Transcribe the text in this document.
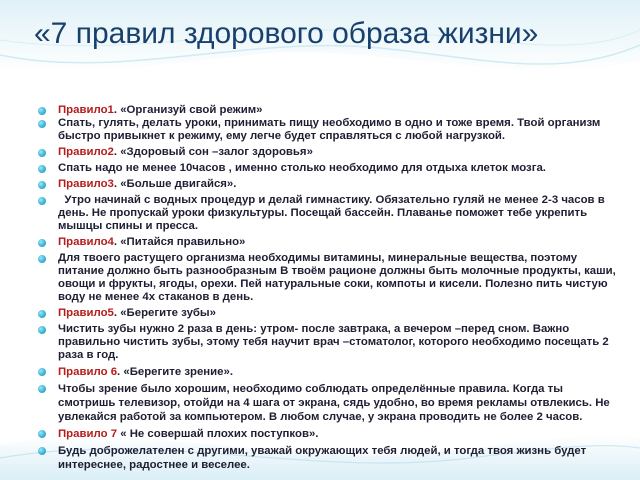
«7 правил здорового образа жизни»
Правило1. «Организуй свой режим»
Спать, гулять, делать уроки, принимать пищу необходимо в одно и тоже время. Твой организм быстро привыкнет к режиму, ему легче будет справляться с любой нагрузкой.
Правило2. «Здоровый сон –залог здоровья»
Спать надо не менее 10часов , именно столько необходимо для отдыха клеток мозга.
Правило3. «Больше двигайся».
Утро начинай с водных процедур и делай гимнастику. Обязательно гуляй не менее 2-3 часов в день. Не пропускай уроки физкультуры. Посещай бассейн. Плаванье поможет тебе укрепить мышцы спины и пресса.
Правило4. «Питайся правильно»
Для твоего растущего организма необходимы витамины, минеральные вещества, поэтому питание должно быть разнообразным В твоём рационе должны быть молочные продукты, каши, овощи и фрукты, ягоды, орехи. Пей натуральные соки, компоты и кисели. Полезно пить чистую воду не менее 4х стаканов в день.
Правило5. «Берегите зубы»
Чистить зубы нужно 2 раза в день: утром- после завтрака, а вечером –перед сном. Важно правильно чистить зубы, этому тебя научит врач –стоматолог, которого необходимо посещать 2 раза в год.
Правило 6. «Берегите зрение».
Чтобы зрение было хорошим, необходимо соблюдать определённые правила. Когда ты смотришь телевизор, отойди на 4 шага от экрана, сядь удобно, во время рекламы отвлекись. Не увлекайся работой за компьютером. В любом случае, у экрана проводить не более 2 часов.
Правило 7 « Не совершай плохих поступков».
Будь доброжелателен с другими, уважай окружающих тебя людей, и тогда твоя жизнь будет интереснее, радостнее и веселее.
